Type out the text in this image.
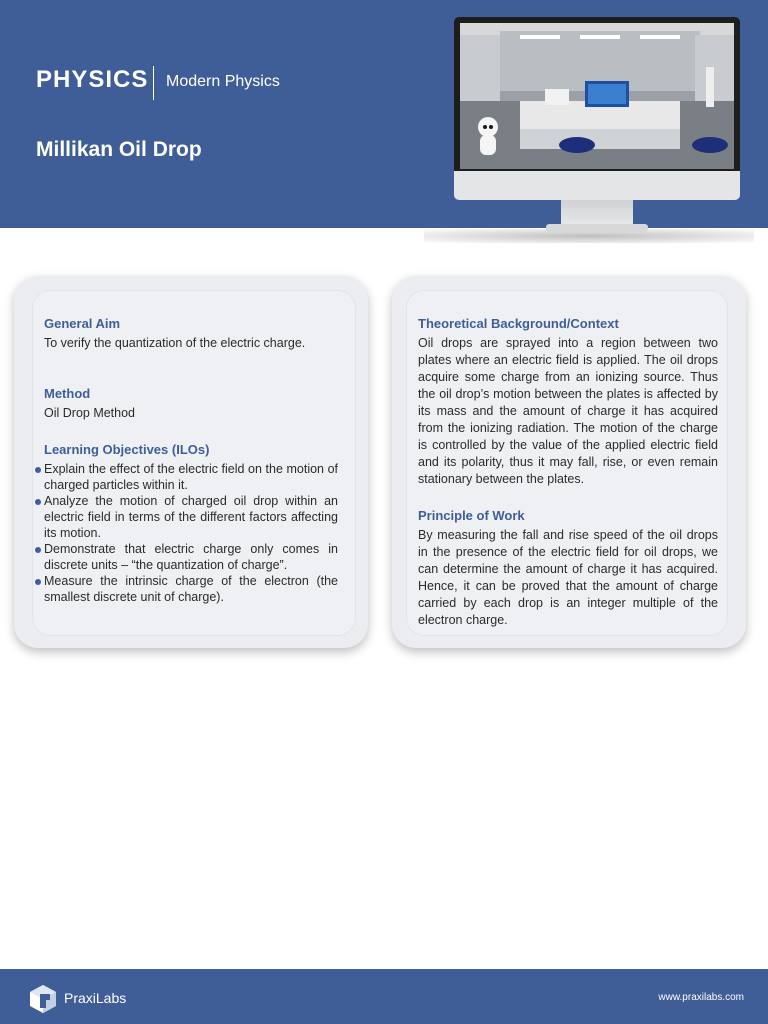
PHYSICS Modern Physics
Millikan Oil Drop
General Aim

To verify the quantization of the electric charge.

Method

Oil Drop Method

Learning Objectives (ILOs)
Explain the effect of the electric field on the motion of charged particles within it.
Analyze the motion of charged oil drop within an electric field in terms of the different factors affecting its motion.
Demonstrate that electric charge only comes in discrete units – “the quantization of charge”.
Measure the intrinsic charge of the electron (the smallest discrete unit of charge).
Theoretical Background/Context

Oil drops are sprayed into a region between two plates where an electric field is applied. The oil drops acquire some charge from an ionizing source. Thus the oil drop’s motion between the plates is affected by its mass and the amount of charge it has acquired from the ionizing radiation. The motion of the charge is controlled by the value of the applied electric field and its polarity, thus it may fall, rise, or even remain stationary between the plates.

Principle of Work

By measuring the fall and rise speed of the oil drops in the presence of the electric field for oil drops, we can determine the amount of charge it has acquired. Hence, it can be proved that the amount of charge carried by each drop is an integer multiple of the electron charge.

PraxiLabs	www.praxilabs.com
